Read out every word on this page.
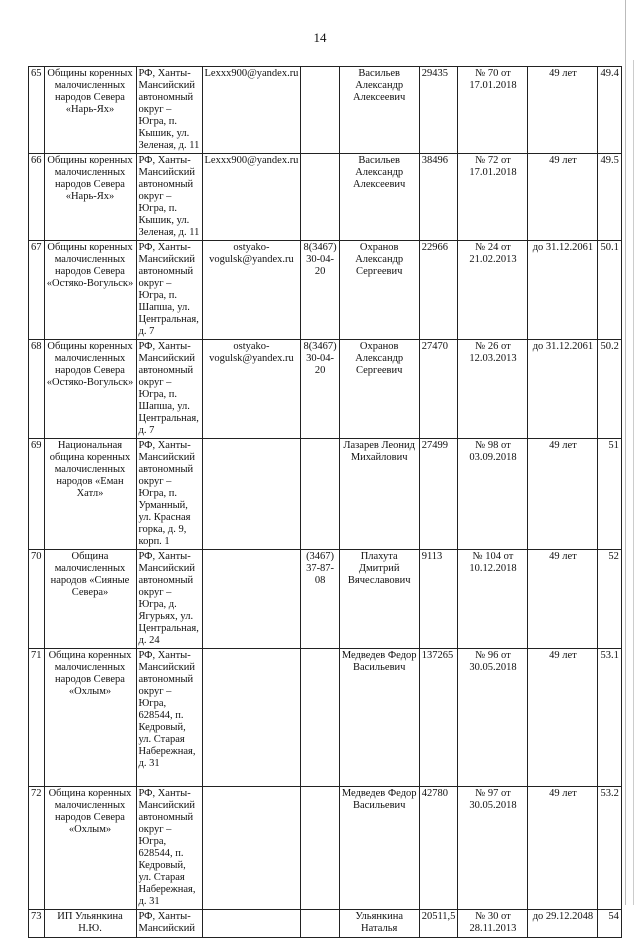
14
65	Общины коренных малочисленных народов Севера «Нарь-Ях»	РФ, Ханты-Мансийский автономный округ – Югра, п. Кышик, ул. Зеленая, д. 11	Lexxx900@yandex.ru		Васильев Александр Алексеевич	29435	№ 70 от 17.01.2018	49 лет	49.4
66	Общины коренных малочисленных народов Севера «Нарь-Ях»	РФ, Ханты-Мансийский автономный округ – Югра, п. Кышик, ул. Зеленая, д. 11	Lexxx900@yandex.ru		Васильев Александр Алексеевич	38496	№ 72 от 17.01.2018	49 лет	49.5
67	Общины коренных малочисленных народов Севера «Остяко-Вогульск»	РФ, Ханты-Мансийский автономный округ – Югра, п. Шапша, ул. Центральная, д. 7	ostyako-vogulsk@yandex.ru	8(3467) 30-04-20	Охранов Александр Сергеевич	22966	№ 24 от 21.02.2013	до 31.12.2061	50.1
68	Общины коренных малочисленных народов Севера «Остяко-Вогульск»	РФ, Ханты-Мансийский автономный округ – Югра, п. Шапша, ул. Центральная, д. 7	ostyako-vogulsk@yandex.ru	8(3467) 30-04-20	Охранов Александр Сергеевич	27470	№ 26 от 12.03.2013	до 31.12.2061	50.2
69	Национальная община коренных малочисленных народов «Еман Хатл»	РФ, Ханты-Мансийский автономный округ – Югра, п. Урманный, ул. Красная горка, д. 9, корп. 1			Лазарев Леонид Михайлович	27499	№ 98 от 03.09.2018	49 лет	51
70	Община малочисленных народов «Сияные Севера»	РФ, Ханты-Мансийский автономный округ – Югра, д. Ягурьях, ул. Центральная, д. 24		(3467) 37-87-08	Плахута Дмитрий Вячеславович	9113	№ 104 от 10.12.2018	49 лет	52
71	Община коренных малочисленных народов Севера «Охлым»	РФ, Ханты-Мансийский автономный округ – Югра, 628544, п. Кедровый, ул. Старая Набережная, д. 31			Медведев Федор Васильевич	137265	№ 96 от 30.05.2018	49 лет	53.1
72	Община коренных малочисленных народов Севера «Охлым»	РФ, Ханты-Мансийский автономный округ – Югра, 628544, п. Кедровый, ул. Старая Набережная, д. 31			Медведев Федор Васильевич	42780	№ 97 от 30.05.2018	49 лет	53.2
73	ИП Ульянкина Н.Ю.	РФ, Ханты-Мансийский			Ульянкина Наталья	20511,5	№ 30 от 28.11.2013	до 29.12.2048	54
